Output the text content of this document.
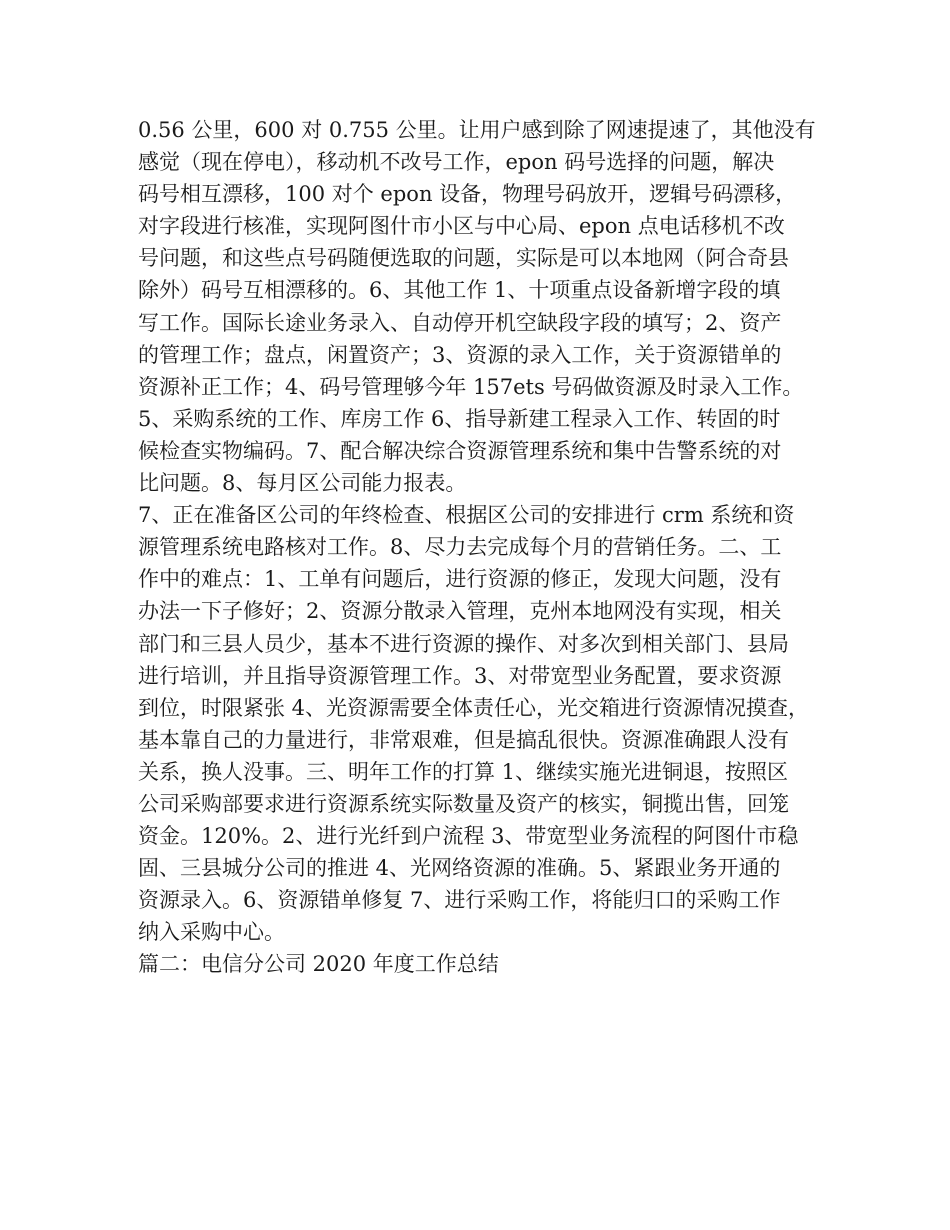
0.56 公里，600 对 0.755 公里。让用户感到除了网速提速了，其他没有
感觉（现在停电），移动机不改号工作，epon 码号选择的问题，解决
码号相互漂移，100 对个 epon 设备，物理号码放开，逻辑号码漂移，
对字段进行核准，实现阿图什市小区与中心局、epon 点电话移机不改
号问题，和这些点号码随便选取的问题，实际是可以本地网（阿合奇县
除外）码号互相漂移的。6、其他工作 1、十项重点设备新增字段的填
写工作。国际长途业务录入、自动停开机空缺段字段的填写；2、资产
的管理工作；盘点，闲置资产；3、资源的录入工作，关于资源错单的
资源补正工作；4、码号管理够今年 157ets 号码做资源及时录入工作。
5、采购系统的工作、库房工作 6、指导新建工程录入工作、转固的时
候检查实物编码。7、配合解决综合资源管理系统和集中告警系统的对
比问题。8、每月区公司能力报表。
7、正在准备区公司的年终检查、根据区公司的安排进行 crm 系统和资
源管理系统电路核对工作。8、尽力去完成每个月的营销任务。二、工
作中的难点：1、工单有问题后，进行资源的修正，发现大问题，没有
办法一下子修好；2、资源分散录入管理，克州本地网没有实现，相关
部门和三县人员少，基本不进行资源的操作、对多次到相关部门、县局
进行培训，并且指导资源管理工作。3、对带宽型业务配置，要求资源
到位，时限紧张 4、光资源需要全体责任心，光交箱进行资源情况摸查，
基本靠自己的力量进行，非常艰难，但是搞乱很快。资源准确跟人没有
关系，换人没事。三、明年工作的打算 1、继续实施光进铜退，按照区
公司采购部要求进行资源系统实际数量及资产的核实，铜揽出售，回笼
资金。120%。2、进行光纤到户流程 3、带宽型业务流程的阿图什市稳
固、三县城分公司的推进 4、光网络资源的准确。5、紧跟业务开通的
资源录入。6、资源错单修复 7、进行采购工作，将能归口的采购工作
纳入采购中心。
篇二：电信分公司 2020 年度工作总结
